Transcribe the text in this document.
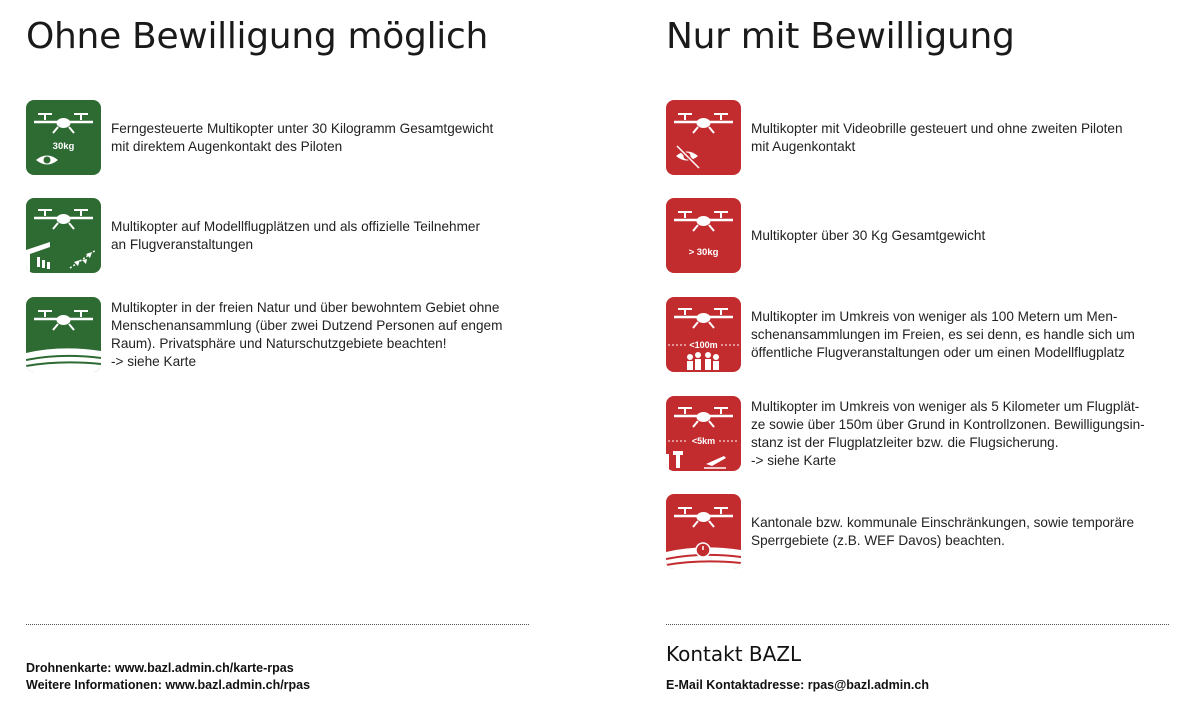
Ohne Bewilligung möglich
30kg
Ferngesteuerte Multikopter unter 30 Kilogramm Gesamtgewicht
mit direktem Augenkontakt des Piloten
Multikopter auf Modellflugplätzen und als offizielle Teilnehmer
an Flugveranstaltungen
Multikopter in der freien Natur und über bewohntem Gebiet ohne
Menschenansammlung (über zwei Dutzend Personen auf engem
Raum). Privatsphäre und Naturschutzgebiete beachten!
-> siehe Karte
Nur mit Bewilligung
Multikopter mit Videobrille gesteuert und ohne zweiten Piloten
mit Augenkontakt
> 30kg
Multikopter über 30 Kg Gesamtgewicht
<100m
Multikopter im Umkreis von weniger als 100 Metern um Men-
schenansammlungen im Freien, es sei denn, es handle sich um
öffentliche Flugveranstaltungen oder um einen Modellflugplatz
<5km
Multikopter im Umkreis von weniger als 5 Kilometer um Flugplät-
ze sowie über 150m über Grund in Kontrollzonen. Bewilligungsin-
stanz ist der Flugplatzleiter bzw. die Flugsicherung.
-> siehe Karte
Kantonale bzw. kommunale Einschränkungen, sowie temporäre
Sperrgebiete (z.B. WEF Davos) beachten.
Drohnenkarte: www.bazl.admin.ch/karte-rpas
Weitere Informationen: www.bazl.admin.ch/rpas
Kontakt BAZL
E-Mail Kontaktadresse: rpas@bazl.admin.ch
